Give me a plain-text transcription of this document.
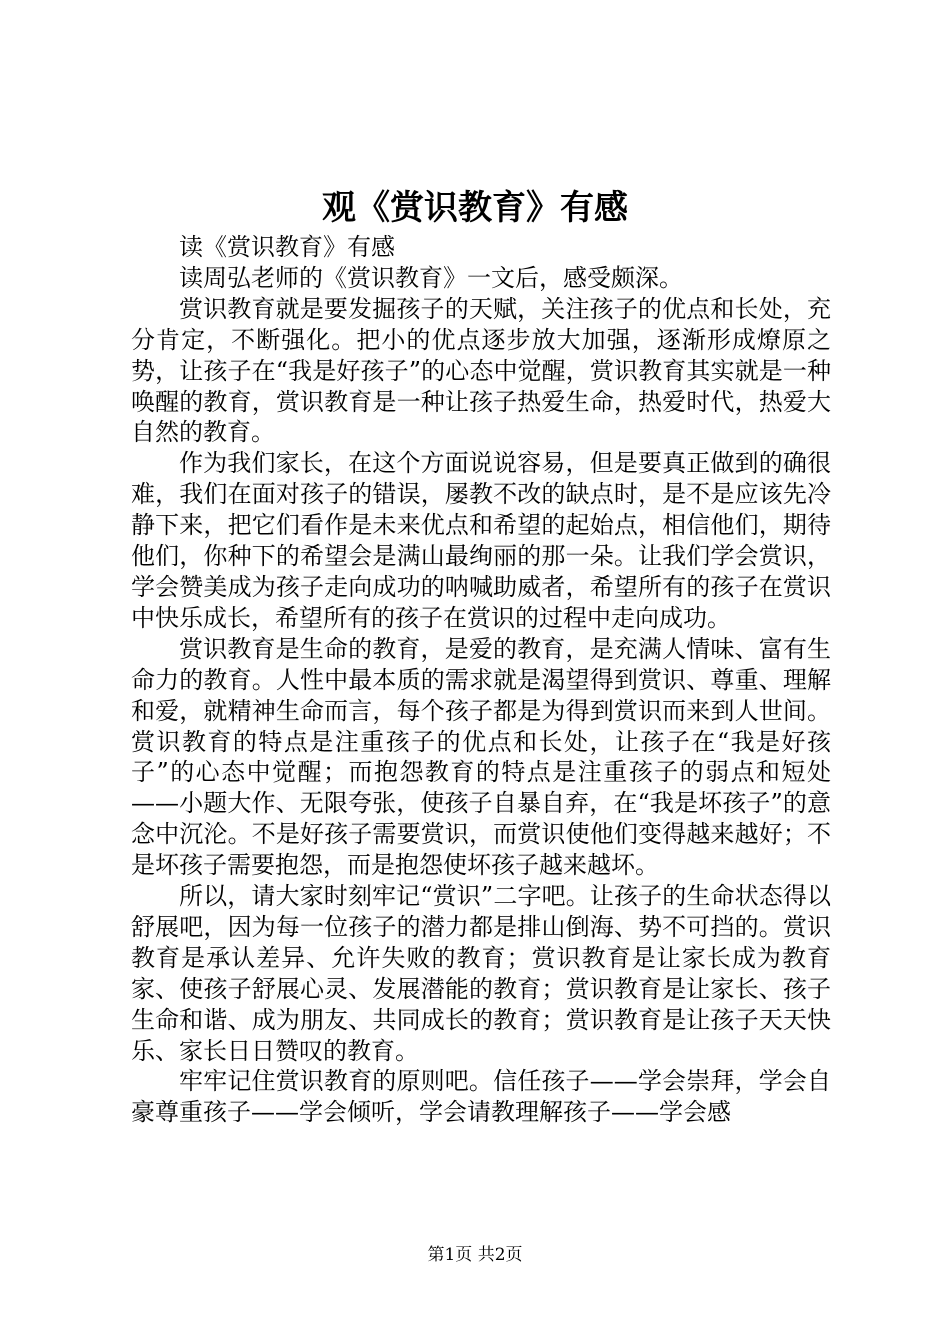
观《赏识教育》有感

读《赏识教育》有感

读周弘老师的《赏识教育》一文后，感受颇深。

赏识教育就是要发掘孩子的天赋，关注孩子的优点和长处，充分肯定，不断强化。把小的优点逐步放大加强，逐渐形成燎原之势，让孩子在“我是好孩子”的心态中觉醒，赏识教育其实就是一种唤醒的教育，赏识教育是一种让孩子热爱生命，热爱时代，热爱大自然的教育。

作为我们家长，在这个方面说说容易，但是要真正做到的确很难，我们在面对孩子的错误，屡教不改的缺点时，是不是应该先冷静下来，把它们看作是未来优点和希望的起始点，相信他们，期待他们，你种下的希望会是满山最绚丽的那一朵。让我们学会赏识，学会赞美成为孩子走向成功的呐喊助威者，希望所有的孩子在赏识中快乐成长，希望所有的孩子在赏识的过程中走向成功。

赏识教育是生命的教育，是爱的教育，是充满人情味、富有生命力的教育。人性中最本质的需求就是渴望得到赏识、尊重、理解和爱，就精神生命而言，每个孩子都是为得到赏识而来到人世间。赏识教育的特点是注重孩子的优点和长处，让孩子在“我是好孩子”的心态中觉醒；而抱怨教育的特点是注重孩子的弱点和短处——小题大作、无限夸张，使孩子自暴自弃，在“我是坏孩子”的意念中沉沦。不是好孩子需要赏识，而赏识使他们变得越来越好；不是坏孩子需要抱怨，而是抱怨使坏孩子越来越坏。

所以，请大家时刻牢记“赏识”二字吧。让孩子的生命状态得以舒展吧，因为每一位孩子的潜力都是排山倒海、势不可挡的。赏识教育是承认差异、允许失败的教育；赏识教育是让家长成为教育家、使孩子舒展心灵、发展潜能的教育；赏识教育是让家长、孩子生命和谐、成为朋友、共同成长的教育；赏识教育是让孩子天天快乐、家长日日赞叹的教育。

牢牢记住赏识教育的原则吧。信任孩子——学会崇拜，学会自豪尊重孩子——学会倾听，学会请教理解孩子——学会感

第1页 共2页
